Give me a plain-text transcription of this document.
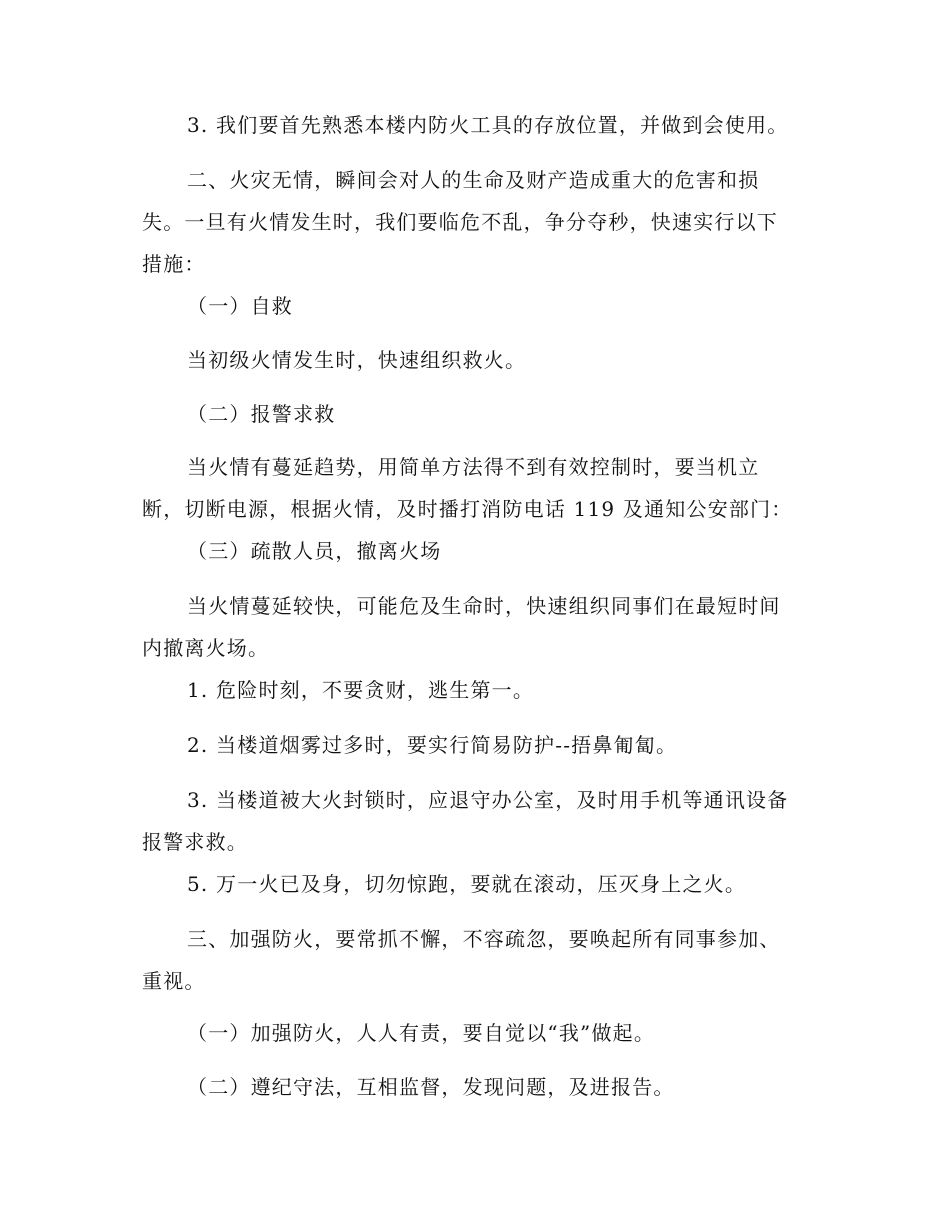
3. 我们要首先熟悉本楼内防火工具的存放位置，并做到会使用。

二、火灾无情，瞬间会对人的生命及财产造成重大的危害和损
失。一旦有火情发生时，我们要临危不乱，争分夺秒，快速实行以下
措施：

（一）自救

当初级火情发生时，快速组织救火。

（二）报警求救

当火情有蔓延趋势，用简单方法得不到有效控制时，要当机立
断，切断电源，根据火情，及时播打消防电话 119 及通知公安部门：

（三）疏散人员，撤离火场

当火情蔓延较快，可能危及生命时，快速组织同事们在最短时间
内撤离火场。

1. 危险时刻，不要贪财，逃生第一。

2. 当楼道烟雾过多时，要实行简易防护--捂鼻匍匐。

3. 当楼道被大火封锁时，应退守办公室，及时用手机等通讯设备
报警求救。

5. 万一火已及身，切勿惊跑，要就在滚动，压灭身上之火。

三、加强防火，要常抓不懈，不容疏忽，要唤起所有同事参加、
重视。

（一）加强防火，人人有责，要自觉以“我”做起。

（二）遵纪守法，互相监督，发现问题，及进报告。
